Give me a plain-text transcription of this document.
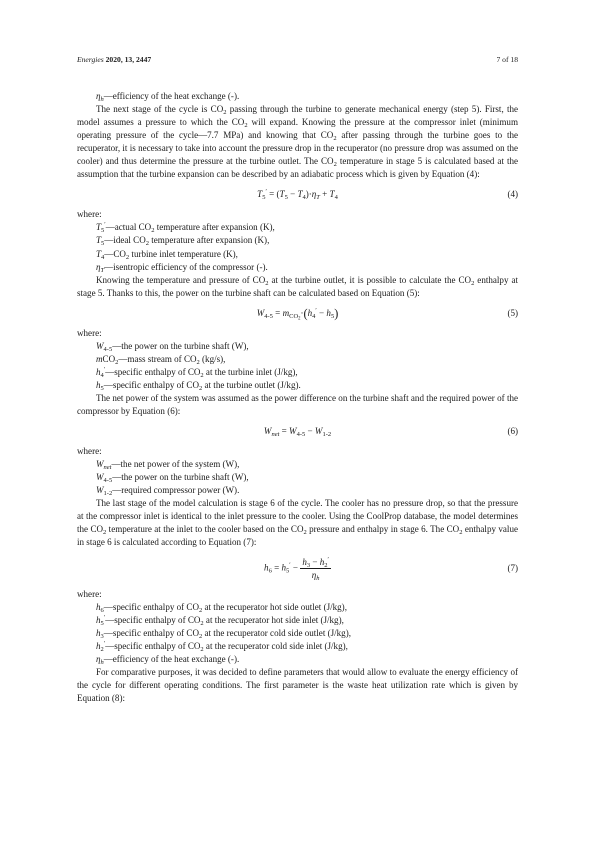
Energies 2020, 13, 2447	7 of 18

$\eta_h—efficiency$ of the heat exchange (-).

The next stage of the cycle is $CO_2$ passing through the turbine to generate mechanical energy (step 5). First, the model assumes a pressure to which the $CO_2$ will expand. Knowing the pressure at the compressor inlet (minimum operating pressure of the cycle—7.7 MPa) and knowing that $CO_2$ after passing through the turbine goes to the recuperator, it is necessary to take into account the pressure drop in the recuperator (no pressure drop was assumed on the cooler) and thus determine the pressure at the turbine outlet. The $CO_2$ temperature in stage 5 is calculated based at the assumption that the turbine expansion can be described by an adiabatic process which is given by Equation (4):

$T_5' = (T_5 - T_4)\cdot\eta_T + T_4$	(4)

where:

$T_5'—actual$ $CO_2$ temperature after expansion (K),

$T_5—ideal$ $CO_2$ temperature after expansion (K),

$T_4—CO_2$ turbine inlet temperature (K),

$\eta_T—isentropic$ efficiency of the compressor (-).

Knowing the temperature and pressure of $CO_2$ at the turbine outlet, it is possible to calculate the $CO_2$ enthalpy at stage 5. Thanks to this, the power on the turbine shaft can be calculated based on Equation (5):

$W_{4-5} = m_{CO_2}\cdot(h_4' - h_5)$	(5)

where:

$W_{4-5}—the$ power on the turbine shaft (W),

mCO$_2$—mass stream of $CO_2$ (kg/s),

$h_4'—specific$ enthalpy of $CO_2$ at the turbine inlet (J/kg),

$h_5—specific$ enthalpy of $CO_2$ at the turbine outlet (J/kg).

The net power of the system was assumed as the power difference on the turbine shaft and the required power of the compressor by Equation (6):

$W_{net} = W_{4-5} - W_{1-2}$	(6)

where:

$W_{net}—the$ net power of the system (W),

$W_{4-5}—the$ power on the turbine shaft (W),

$W_{1-2}—required$ compressor power (W).

The last stage of the model calculation is stage 6 of the cycle. The cooler has no pressure drop, so that the pressure at the compressor inlet is identical to the inlet pressure to the cooler. Using the CoolProp database, the model determines the $CO_2$ temperature at the inlet to the cooler based on the $CO_2$ pressure and enthalpy in stage 6. The $CO_2$ enthalpy value in stage 6 is calculated according to Equation (7):

$h_6 = h_5' - \frac{h_3 - h_2'}{\eta_h}$	(7)

where:

$h_6—specific$ enthalpy of $CO_2$ at the recuperator hot side outlet (J/kg),

$h_5'—specific$ enthalpy of $CO_2$ at the recuperator hot side inlet (J/kg),

$h_3—specific$ enthalpy of $CO_2$ at the recuperator cold side outlet (J/kg),

$h_2'—specific$ enthalpy of $CO_2$ at the recuperator cold side inlet (J/kg),

$\eta_h—efficiency$ of the heat exchange (-).

For comparative purposes, it was decided to define parameters that would allow to evaluate the energy efficiency of the cycle for different operating conditions. The first parameter is the waste heat utilization rate which is given by Equation (8):
